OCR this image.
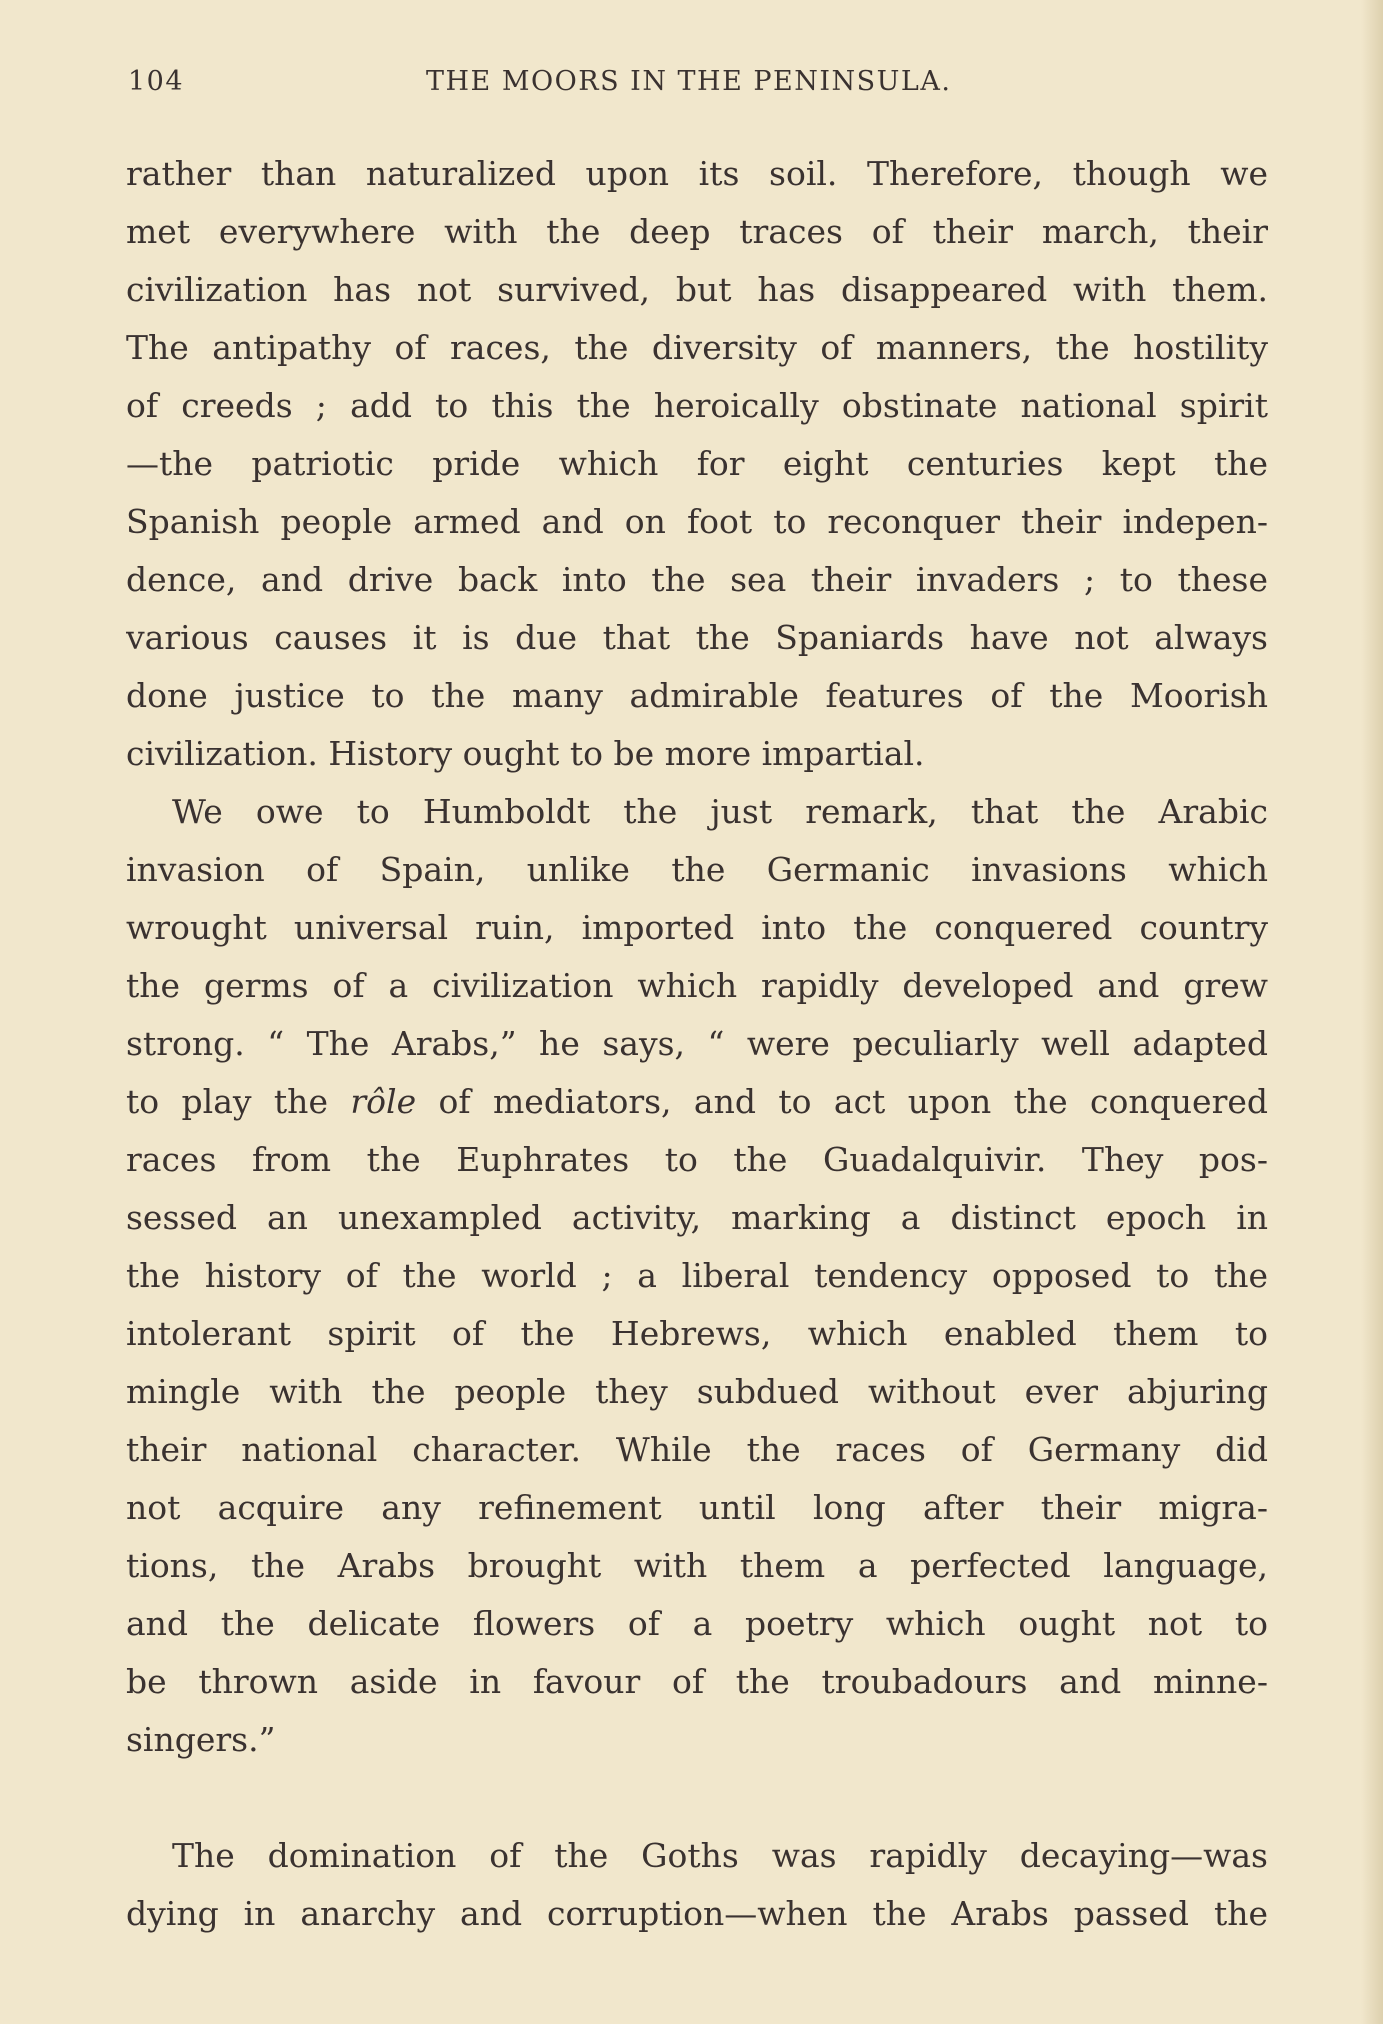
104	THE MOORS IN THE PENINSULA.
rather than naturalized upon its soil. Therefore, though we
met everywhere with the deep traces of their march, their
civilization has not survived, but has disappeared with them.
The antipathy of races, the diversity of manners, the hostility
of creeds ; add to this the heroically obstinate national spirit
—the patriotic pride which for eight centuries kept the
Spanish people armed and on foot to reconquer their indepen-
dence, and drive back into the sea their invaders ; to these
various causes it is due that the Spaniards have not always
done justice to the many admirable features of the Moorish
civilization. History ought to be more impartial.
We owe to Humboldt the just remark, that the Arabic
invasion of Spain, unlike the Germanic invasions which
wrought universal ruin, imported into the conquered country
the germs of a civilization which rapidly developed and grew
strong. “ The Arabs,” he says, “ were peculiarly well adapted
to play the rôle of mediators, and to act upon the conquered
races from the Euphrates to the Guadalquivir. They pos-
sessed an unexampled activity, marking a distinct epoch in
the history of the world ; a liberal tendency opposed to the
intolerant spirit of the Hebrews, which enabled them to
mingle with the people they subdued without ever abjuring
their national character. While the races of Germany did
not acquire any refinement until long after their migra-
tions, the Arabs brought with them a perfected language,
and the delicate flowers of a poetry which ought not to
be thrown aside in favour of the troubadours and minne-
singers.”
The domination of the Goths was rapidly decaying—was
dying in anarchy and corruption—when the Arabs passed the
